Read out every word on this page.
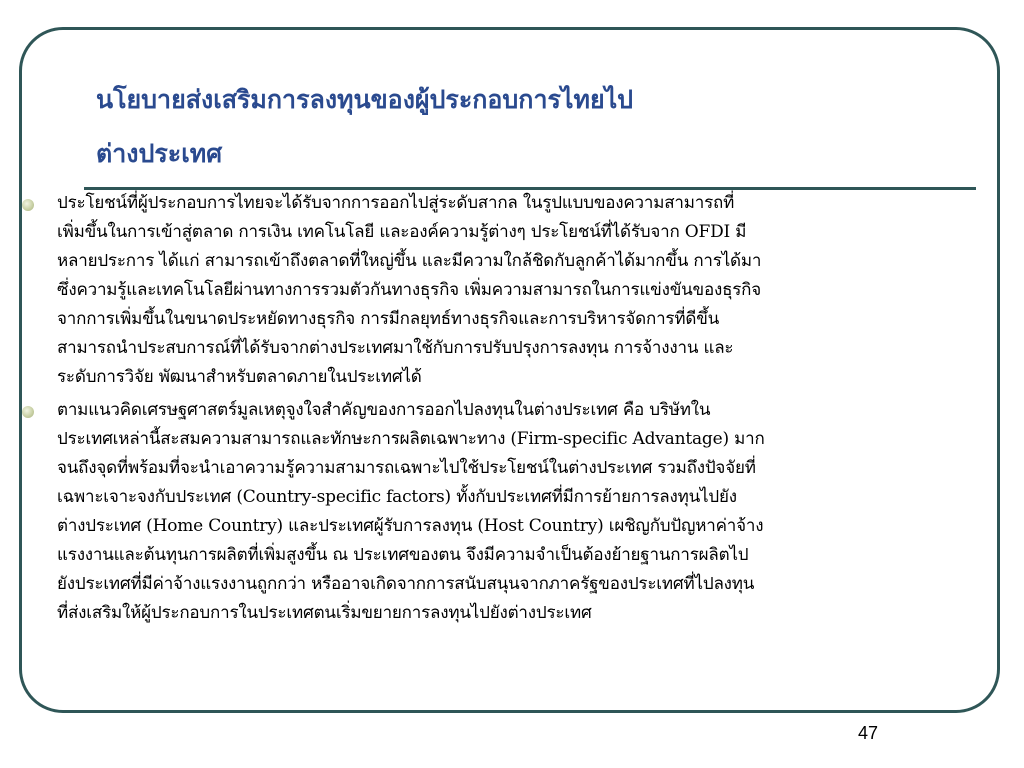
นโยบายส่งเสริมการลงทุนของผู้ประกอบการไทยไป
ต่างประเทศ
ประโยชน์ที่ผู้ประกอบการไทยจะได้รับจากการออกไปสู่ระดับสากล ในรูปแบบของความสามารถที่
เพิ่มขึ้นในการเข้าสู่ตลาด การเงิน เทคโนโลยี และองค์ความรู้ต่างๆ ประโยชน์ที่ได้รับจาก OFDI มี
หลายประการ ได้แก่ สามารถเข้าถึงตลาดที่ใหญ่ขึ้น และมีความใกล้ชิดกับลูกค้าได้มากขึ้น การได้มา
ซึ่งความรู้และเทคโนโลยีผ่านทางการรวมตัวกันทางธุรกิจ เพิ่มความสามารถในการแข่งขันของธุรกิจ
จากการเพิ่มขึ้นในขนาดประหยัดทางธุรกิจ การมีกลยุทธ์ทางธุรกิจและการบริหารจัดการที่ดีขึ้น
สามารถนำประสบการณ์ที่ได้รับจากต่างประเทศมาใช้กับการปรับปรุงการลงทุน การจ้างงาน และ
ระดับการวิจัย พัฒนาสำหรับตลาดภายในประเทศได้
ตามแนวคิดเศรษฐศาสตร์มูลเหตุจูงใจสำคัญของการออกไปลงทุนในต่างประเทศ คือ บริษัทใน
ประเทศเหล่านี้สะสมความสามารถและทักษะการผลิตเฉพาะทาง (Firm-specific Advantage) มาก
จนถึงจุดที่พร้อมที่จะนำเอาความรู้ความสามารถเฉพาะไปใช้ประโยชน์ในต่างประเทศ รวมถึงปัจจัยที่
เฉพาะเจาะจงกับประเทศ (Country-specific factors) ทั้งกับประเทศที่มีการย้ายการลงทุนไปยัง
ต่างประเทศ (Home Country) และประเทศผู้รับการลงทุน (Host Country) เผชิญกับปัญหาค่าจ้าง
แรงงานและต้นทุนการผลิตที่เพิ่มสูงขึ้น ณ ประเทศของตน จึงมีความจำเป็นต้องย้ายฐานการผลิตไป
ยังประเทศที่มีค่าจ้างแรงงานถูกกว่า หรืออาจเกิดจากการสนับสนุนจากภาครัฐของประเทศที่ไปลงทุน
ที่ส่งเสริมให้ผู้ประกอบการในประเทศตนเริ่มขยายการลงทุนไปยังต่างประเทศ
47
